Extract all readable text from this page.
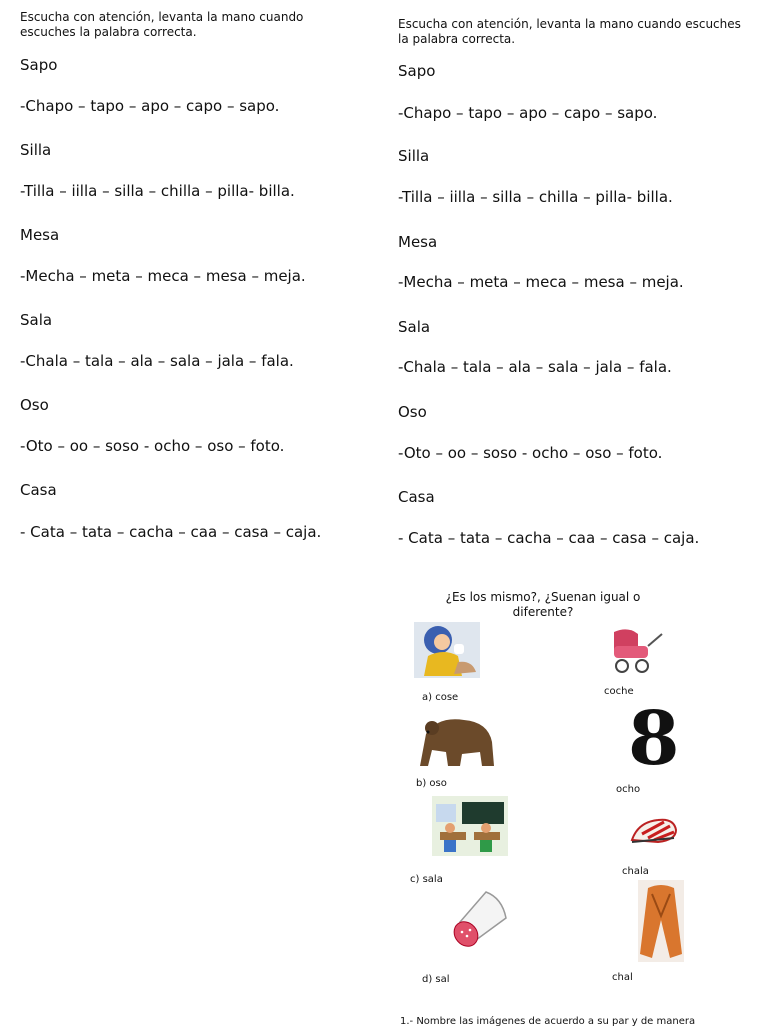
Escucha con atención, levanta la mano cuando escuches la palabra correcta.

Sapo

-Chapo – tapo – apo – capo – sapo.

Silla

-Tilla – iilla – silla – chilla – pilla- billa.

Mesa

-Mecha – meta – meca – mesa – meja.

Sala

-Chala – tala – ala – sala – jala – fala.

Oso

-Oto – oo – soso - ocho – oso – foto.

Casa

- Cata – tata – cacha – caa – casa – caja.

Escucha con atención, levanta la mano cuando escuches la palabra correcta.

Sapo

-Chapo – tapo – apo – capo – sapo.

Silla

-Tilla – iilla – silla – chilla – pilla- billa.

Mesa

-Mecha – meta – meca – mesa – meja.

Sala

-Chala – tala – ala – sala – jala – fala.

Oso

-Oto – oo – soso - ocho – oso – foto.

Casa

- Cata – tata – cacha – caa – casa – caja.

¿Es los mismo?, ¿Suenan igual o diferente?
a) cose
coche
b) oso
8
ocho
c) sala
chala
d) sal	chal
1.- Nombre las imágenes de acuerdo a su par y de manera
